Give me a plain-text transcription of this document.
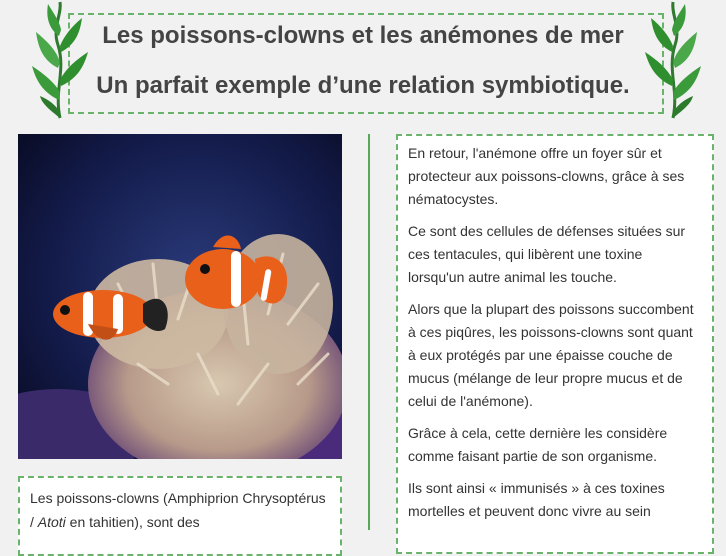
Les poissons-clowns et les anémones de mer
Un parfait exemple d’une relation symbiotique.
Les poissons-clowns (Amphiprion Chrysoptérus / Atoti en tahitien), sont des

En retour, l'anémone offre un foyer sûr et protecteur aux poissons-clowns, grâce à ses nématocystes.

Ce sont des cellules de défenses situées sur ces tentacules, qui libèrent une toxine lorsqu'un autre animal les touche.

Alors que la plupart des poissons succombent à ces piqûres, les poissons-clowns sont quant à eux protégés par une épaisse couche de mucus (mélange de leur propre mucus et de celui de l'anémone).

Grâce à cela, cette dernière les considère comme faisant partie de son organisme.

Ils sont ainsi « immunisés » à ces toxines mortelles et peuvent donc vivre au sein
